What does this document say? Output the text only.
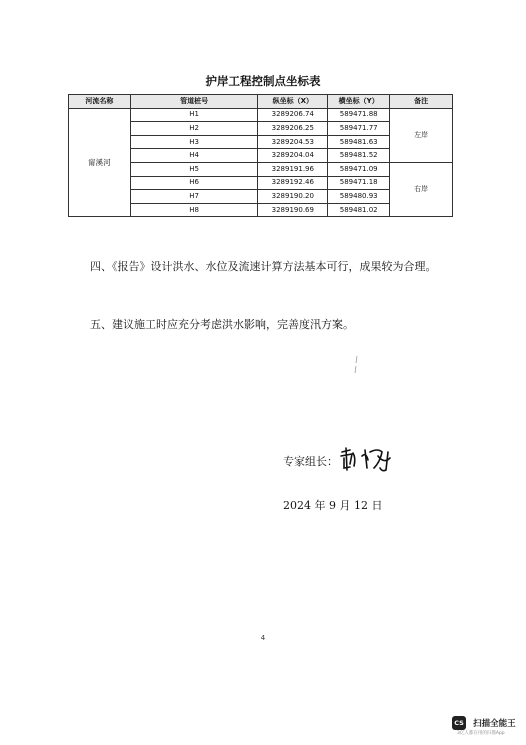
护岸工程控制点坐标表
河流名称	管道桩号	纵坐标（X）	横坐标（Y）	备注
甯溪河	H1	3289206.74	589471.88	左岸
	H2	3289206.25	589471.77	
	H3	3289204.53	589481.63	
	H4	3289204.04	589481.52	
	H5	3289191.96	589471.09	右岸
	H6	3289192.46	589471.18	
	H7	3289190.20	589480.93	
	H8	3289190.69	589481.02	
四、《报告》设计洪水、水位及流速计算方法基本可行，成果较为合理。
五、建议施工时应充分考虑洪水影响，完善度汛方案。
专家组长：
2024 年 9 月 12 日
4
CS 扫描全能王
3亿人都在用的扫描App
